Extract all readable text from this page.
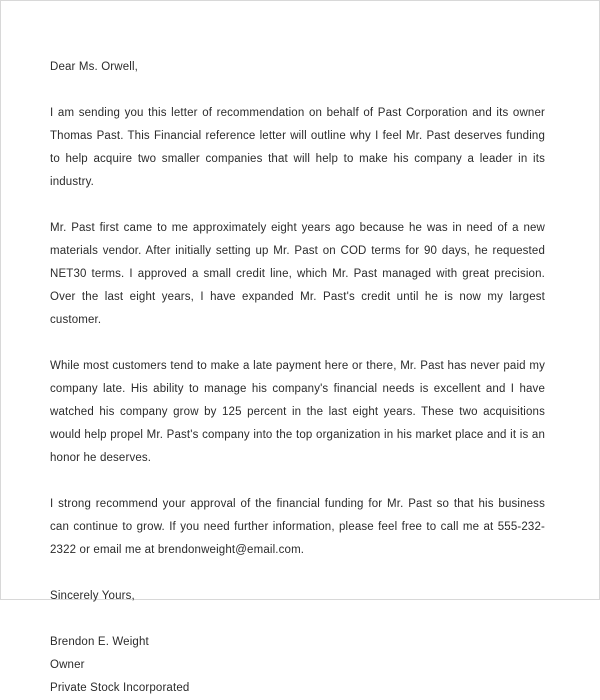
Dear Ms. Orwell,

I am sending you this letter of recommendation on behalf of Past Corporation and its owner Thomas Past. This Financial reference letter will outline why I feel Mr. Past deserves funding to help acquire two smaller companies that will help to make his company a leader in its industry.

Mr. Past first came to me approximately eight years ago because he was in need of a new materials vendor. After initially setting up Mr. Past on COD terms for 90 days, he requested NET30 terms. I approved a small credit line, which Mr. Past managed with great precision. Over the last eight years, I have expanded Mr. Past's credit until he is now my largest customer.

While most customers tend to make a late payment here or there, Mr. Past has never paid my company late. His ability to manage his company's financial needs is excellent and I have watched his company grow by 125 percent in the last eight years. These two acquisitions would help propel Mr. Past's company into the top organization in his market place and it is an honor he deserves.

I strong recommend your approval of the financial funding for Mr. Past so that his business can continue to grow. If you need further information, please feel free to call me at 555-232-2322 or email me at brendonweight@email.com.

Sincerely Yours,

Brendon E. Weight
Owner
Private Stock Incorporated
